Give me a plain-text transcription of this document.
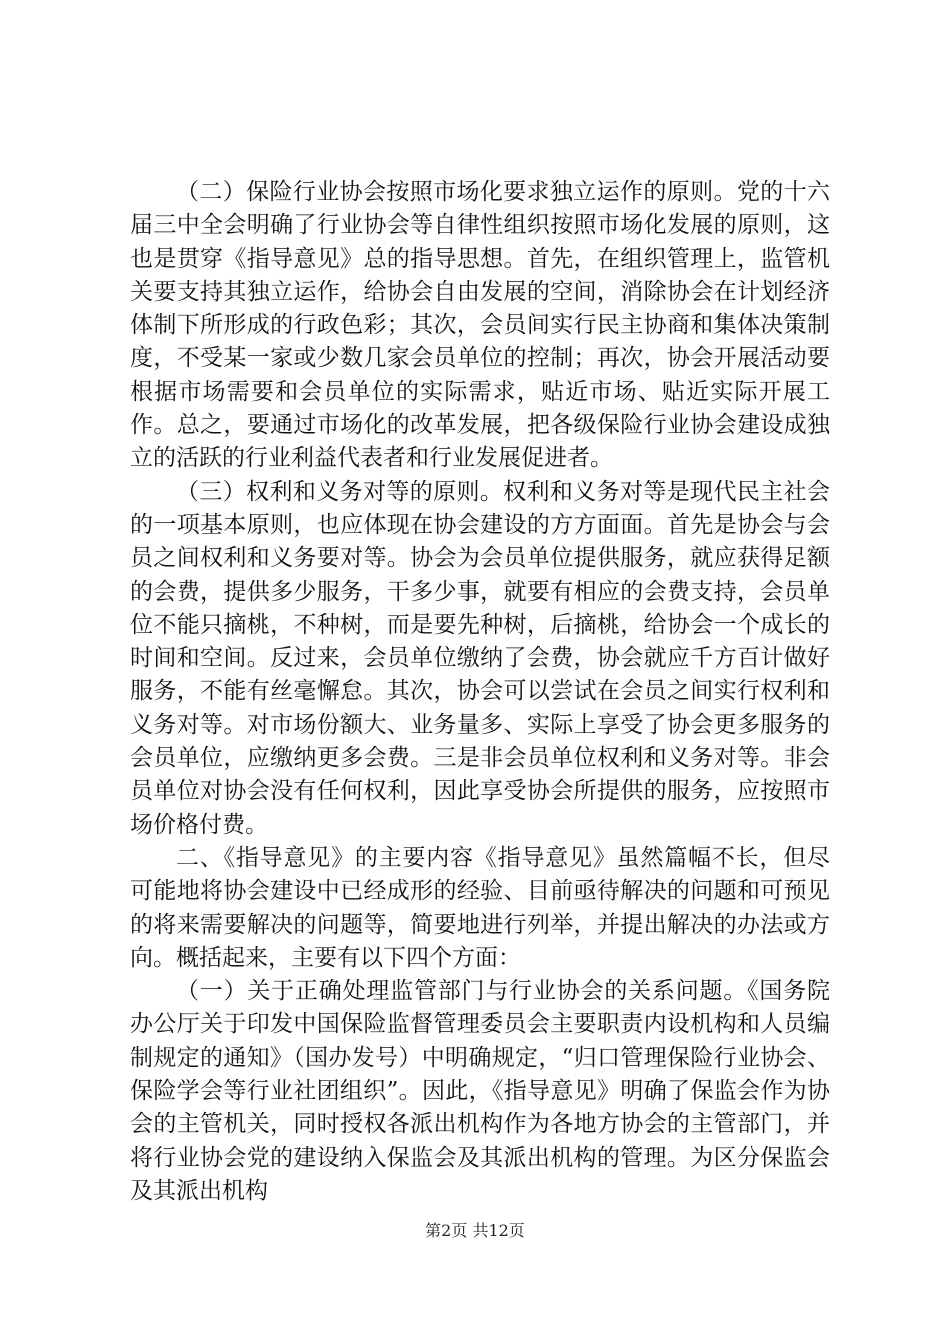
（二）保险行业协会按照市场化要求独立运作的原则。党的十六届三中全会明确了行业协会等自律性组织按照市场化发展的原则，这也是贯穿《指导意见》总的指导思想。首先，在组织管理上，监管机关要支持其独立运作，给协会自由发展的空间，消除协会在计划经济体制下所形成的行政色彩；其次，会员间实行民主协商和集体决策制度，不受某一家或少数几家会员单位的控制；再次，协会开展活动要根据市场需要和会员单位的实际需求，贴近市场、贴近实际开展工作。总之，要通过市场化的改革发展，把各级保险行业协会建设成独立的活跃的行业利益代表者和行业发展促进者。

（三）权利和义务对等的原则。权利和义务对等是现代民主社会的一项基本原则，也应体现在协会建设的方方面面。首先是协会与会员之间权利和义务要对等。协会为会员单位提供服务，就应获得足额的会费，提供多少服务，干多少事，就要有相应的会费支持，会员单位不能只摘桃，不种树，而是要先种树，后摘桃，给协会一个成长的时间和空间。反过来，会员单位缴纳了会费，协会就应千方百计做好服务，不能有丝毫懈怠。其次，协会可以尝试在会员之间实行权利和义务对等。对市场份额大、业务量多、实际上享受了协会更多服务的会员单位，应缴纳更多会费。三是非会员单位权利和义务对等。非会员单位对协会没有任何权利，因此享受协会所提供的服务，应按照市场价格付费。

二、《指导意见》的主要内容《指导意见》虽然篇幅不长，但尽可能地将协会建设中已经成形的经验、目前亟待解决的问题和可预见的将来需要解决的问题等，简要地进行列举，并提出解决的办法或方向。概括起来，主要有以下四个方面：

（一）关于正确处理监管部门与行业协会的关系问题。《国务院办公厅关于印发中国保险监督管理委员会主要职责内设机构和人员编制规定的通知》（国办发号）中明确规定，“归口管理保险行业协会、保险学会等行业社团组织”。因此，《指导意见》明确了保监会作为协会的主管机关，同时授权各派出机构作为各地方协会的主管部门，并将行业协会党的建设纳入保监会及其派出机构的管理。为区分保监会及其派出机构

第2页 共12页
